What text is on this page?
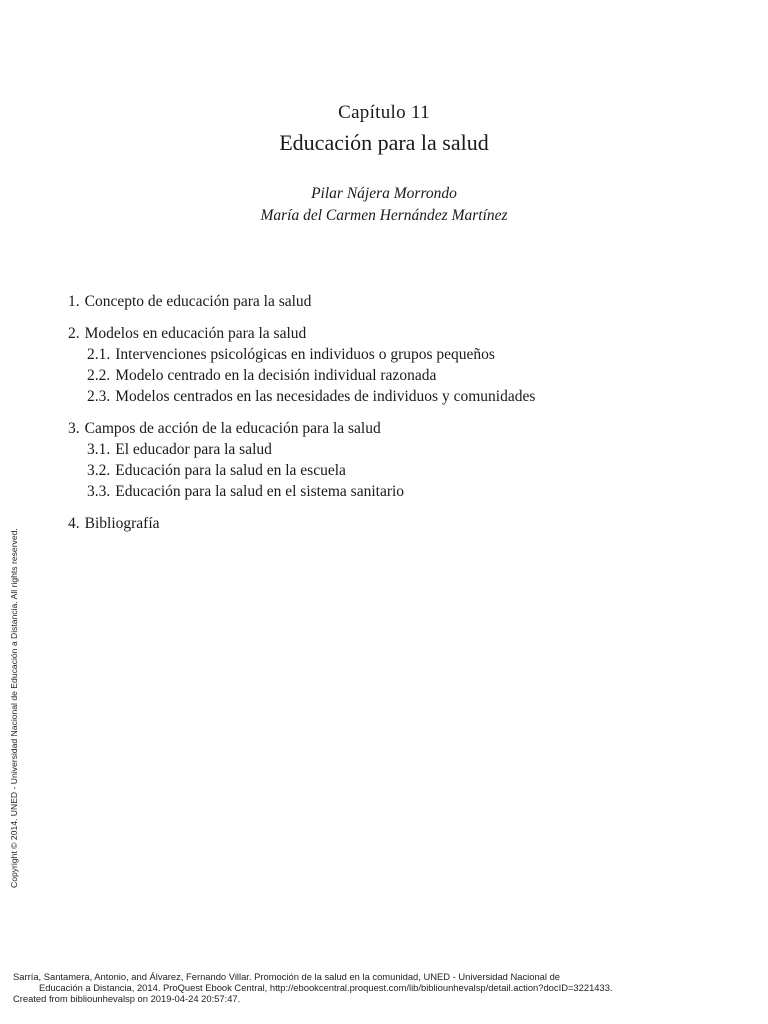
Capítulo 11
Educación para la salud
Pilar Nájera Morrondo
María del Carmen Hernández Martínez
1. Concepto de educación para la salud
2. Modelos en educación para la salud
2.1. Intervenciones psicológicas en individuos o grupos pequeños
2.2. Modelo centrado en la decisión individual razonada
2.3. Modelos centrados en las necesidades de individuos y comunidades
3. Campos de acción de la educación para la salud
3.1. El educador para la salud
3.2. Educación para la salud en la escuela
3.3. Educación para la salud en el sistema sanitario
4. Bibliografía
Copyright © 2014. UNED - Universidad Nacional de Educación a Distancia. All rights reserved.
Sarría, Santamera, Antonio, and Álvarez, Fernando Villar. Promoción de la salud en la comunidad, UNED - Universidad Nacional de
Educación a Distancia, 2014. ProQuest Ebook Central, http://ebookcentral.proquest.com/lib/bibliounhevalsp/detail.action?docID=3221433.
Created from bibliounhevalsp on 2019-04-24 20:57:47.
